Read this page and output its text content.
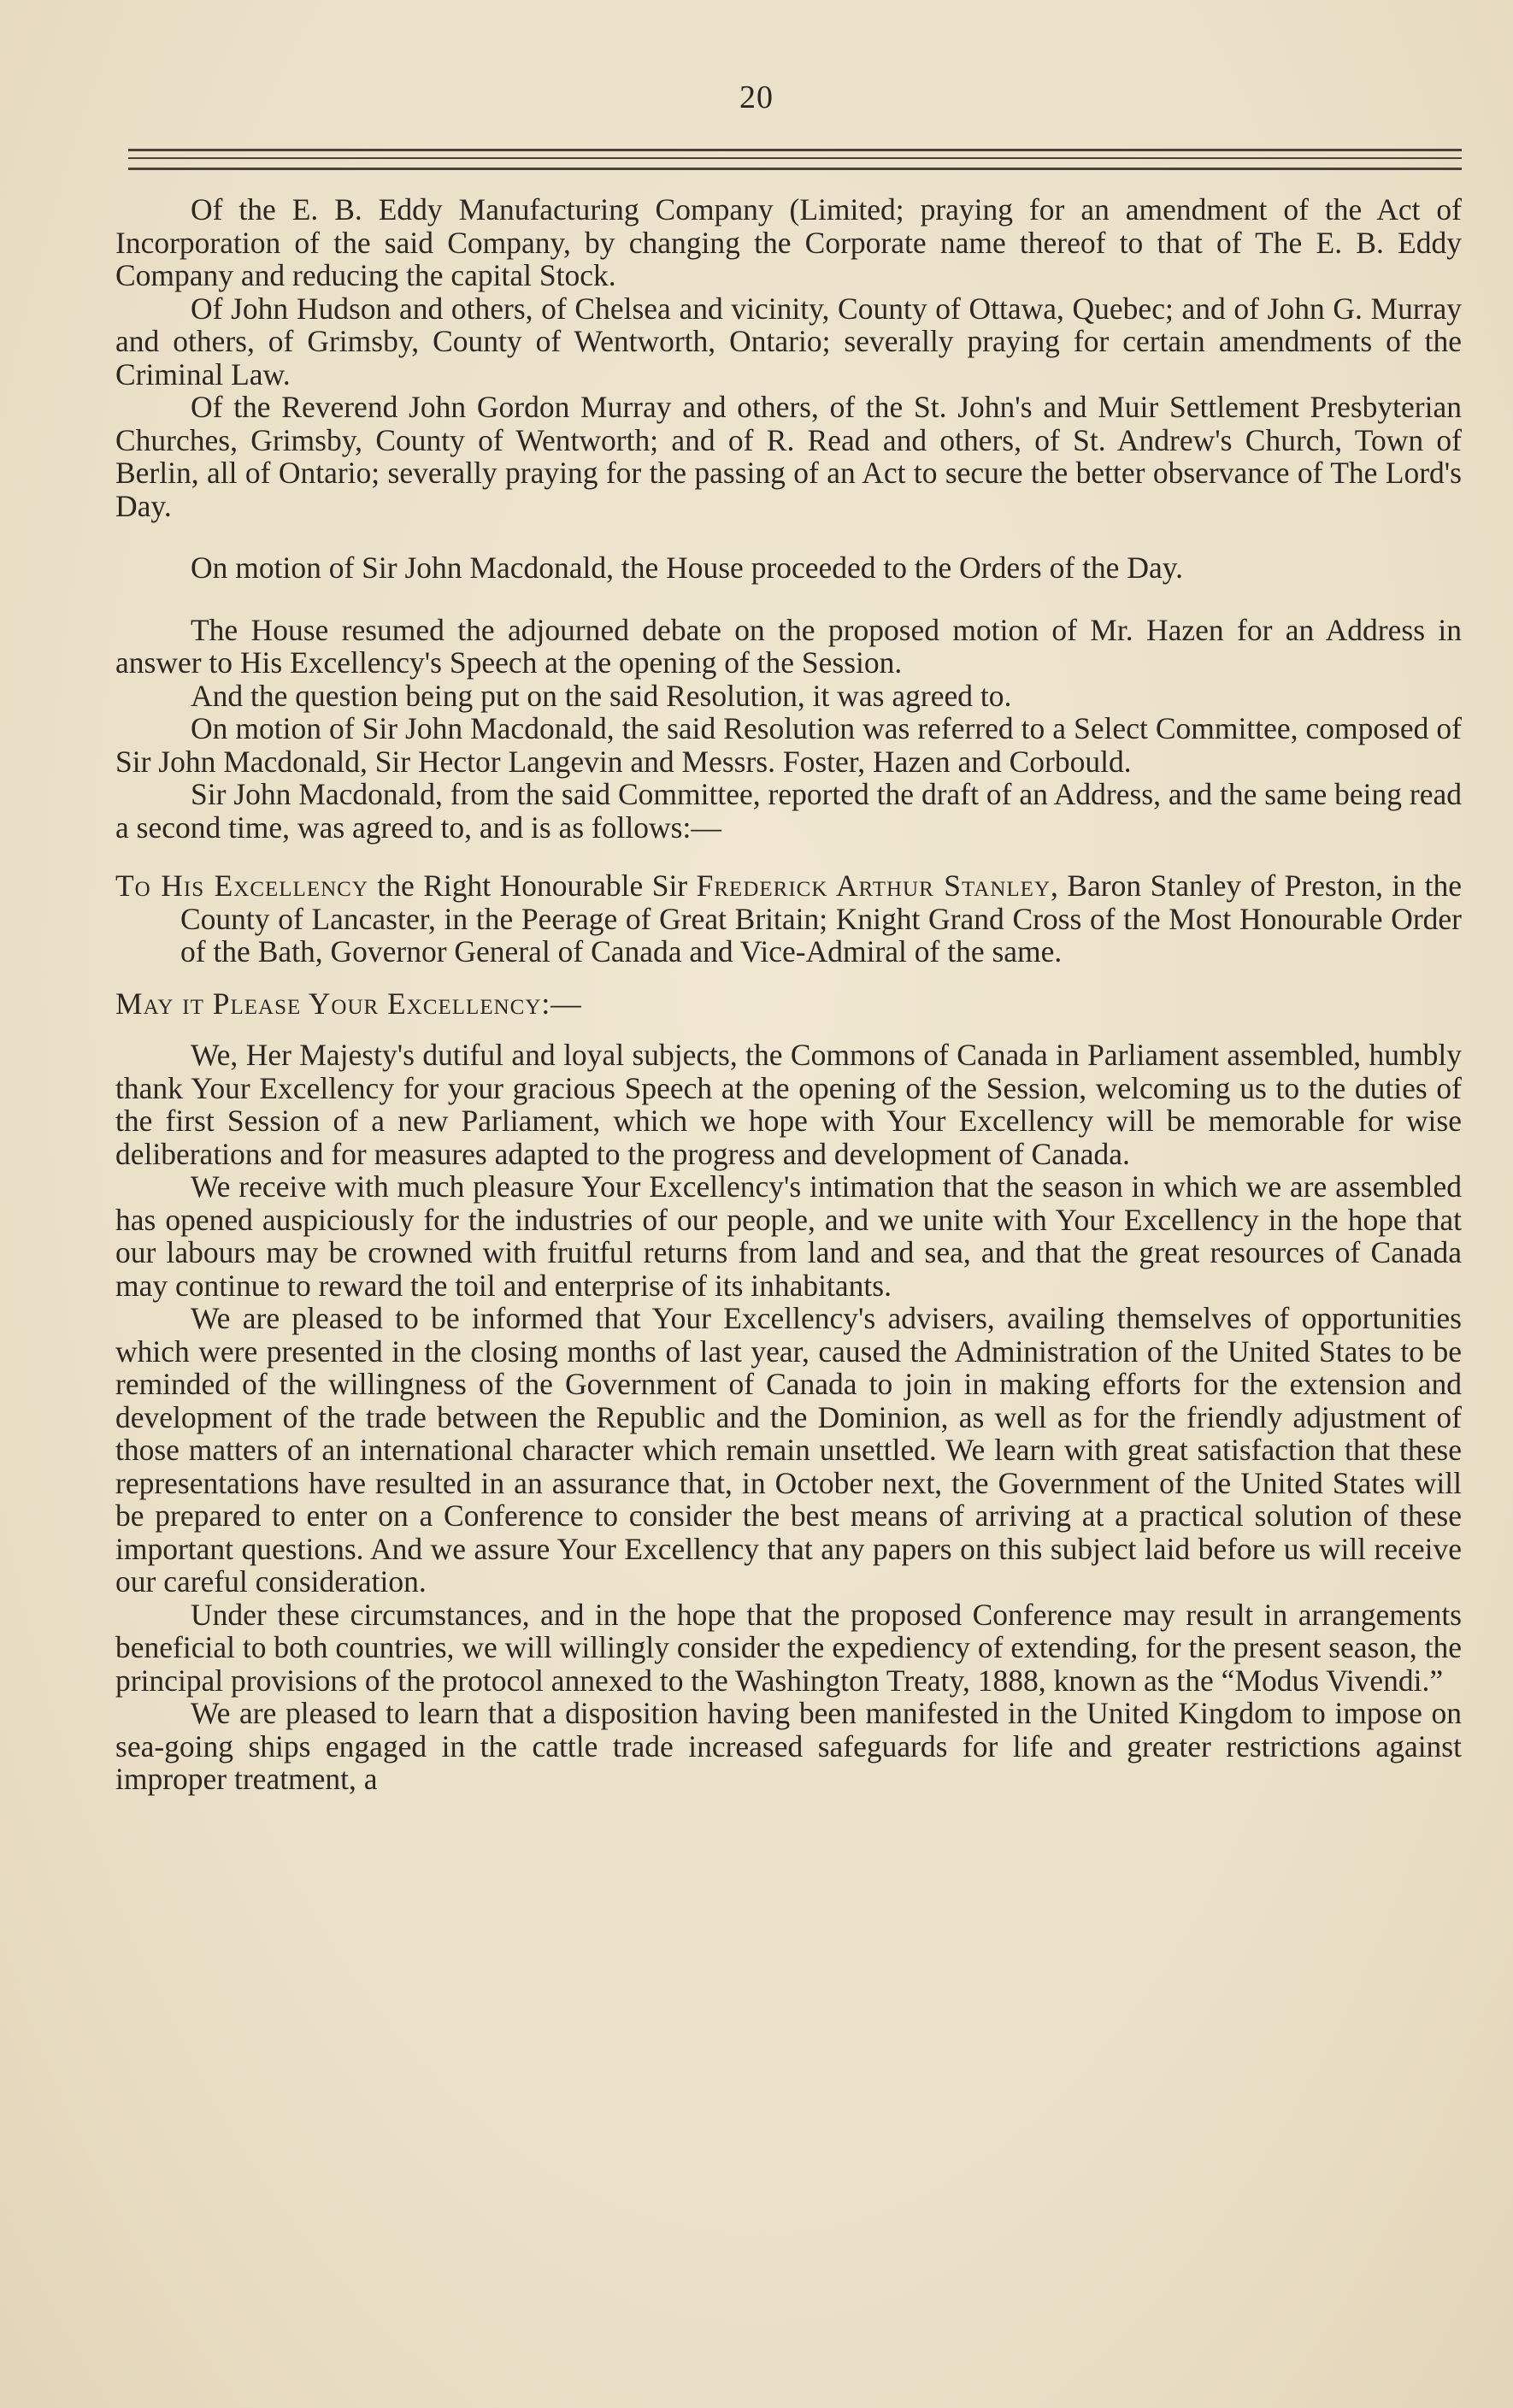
20

Of the E. B. Eddy Manufacturing Company (Limited; praying for an amendment of the Act of Incorporation of the said Company, by changing the Corporate name thereof to that of The E. B. Eddy Company and reducing the capital Stock.

Of John Hudson and others, of Chelsea and vicinity, County of Ottawa, Quebec; and of John G. Murray and others, of Grimsby, County of Wentworth, Ontario; severally praying for certain amendments of the Criminal Law.

Of the Reverend John Gordon Murray and others, of the St. John's and Muir Settlement Presbyterian Churches, Grimsby, County of Wentworth; and of R. Read and others, of St. Andrew's Church, Town of Berlin, all of Ontario; severally praying for the passing of an Act to secure the better observance of The Lord's Day.

On motion of Sir John Macdonald, the House proceeded to the Orders of the Day.

The House resumed the adjourned debate on the proposed motion of Mr. Hazen for an Address in answer to His Excellency's Speech at the opening of the Session.

And the question being put on the said Resolution, it was agreed to.

On motion of Sir John Macdonald, the said Resolution was referred to a Select Committee, composed of Sir John Macdonald, Sir Hector Langevin and Messrs. Foster, Hazen and Corbould.

Sir John Macdonald, from the said Committee, reported the draft of an Address, and the same being read a second time, was agreed to, and is as follows:—

To His Excellency the Right Honourable Sir Frederick Arthur Stanley, Baron Stanley of Preston, in the County of Lancaster, in the Peerage of Great Britain; Knight Grand Cross of the Most Honourable Order of the Bath, Governor General of Canada and Vice-Admiral of the same.

May it Please Your Excellency:—

We, Her Majesty's dutiful and loyal subjects, the Commons of Canada in Parliament assembled, humbly thank Your Excellency for your gracious Speech at the opening of the Session, welcoming us to the duties of the first Session of a new Parliament, which we hope with Your Excellency will be memorable for wise deliberations and for measures adapted to the progress and development of Canada.

We receive with much pleasure Your Excellency's intimation that the season in which we are assembled has opened auspiciously for the industries of our people, and we unite with Your Excellency in the hope that our labours may be crowned with fruitful returns from land and sea, and that the great resources of Canada may continue to reward the toil and enterprise of its inhabitants.

We are pleased to be informed that Your Excellency's advisers, availing themselves of opportunities which were presented in the closing months of last year, caused the Administration of the United States to be reminded of the willingness of the Government of Canada to join in making efforts for the extension and development of the trade between the Republic and the Dominion, as well as for the friendly adjustment of those matters of an international character which remain unsettled. We learn with great satisfaction that these representations have resulted in an assurance that, in October next, the Government of the United States will be prepared to enter on a Conference to consider the best means of arriving at a practical solution of these important questions. And we assure Your Excellency that any papers on this subject laid before us will receive our careful consideration.

Under these circumstances, and in the hope that the proposed Conference may result in arrangements beneficial to both countries, we will willingly consider the expediency of extending, for the present season, the principal provisions of the protocol annexed to the Washington Treaty, 1888, known as the “Modus Vivendi.”

We are pleased to learn that a disposition having been manifested in the United Kingdom to impose on sea-going ships engaged in the cattle trade increased safeguards for life and greater restrictions against improper treatment, a
